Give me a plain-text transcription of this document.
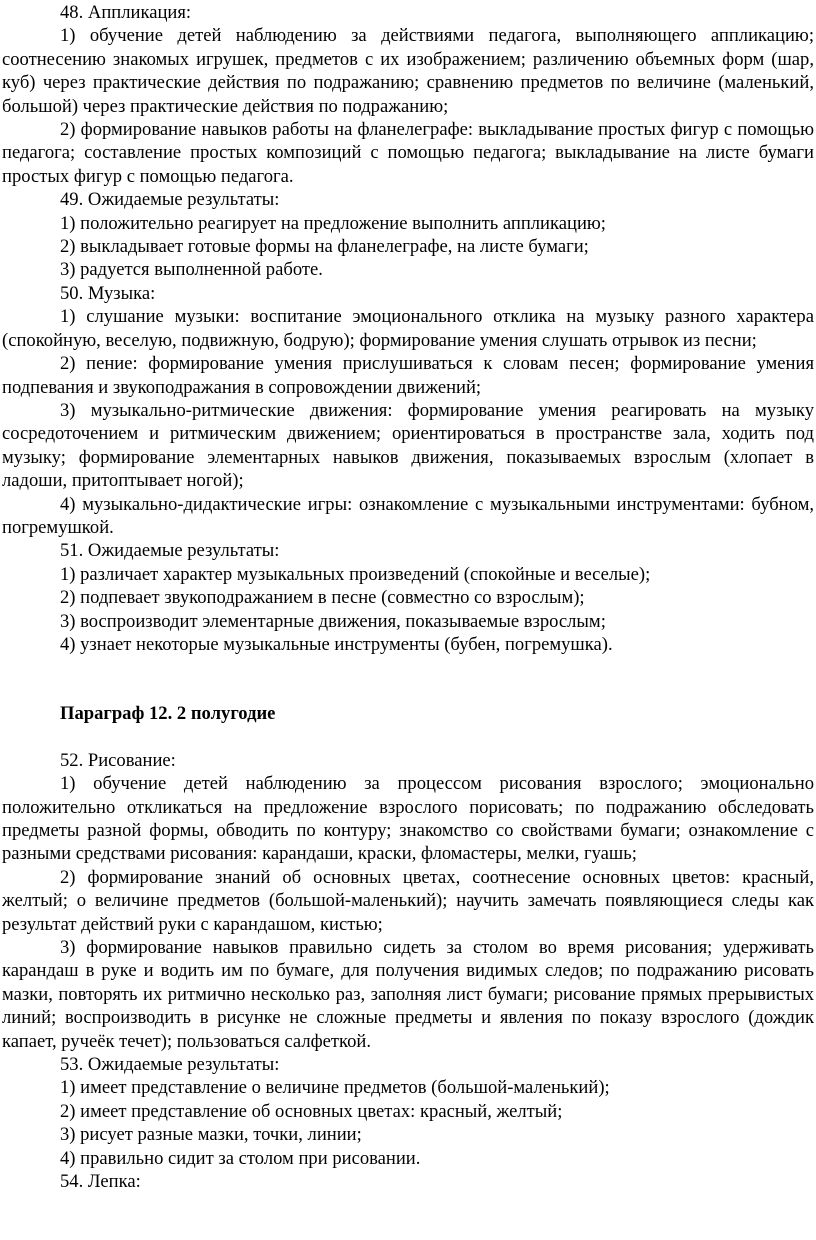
48. Аппликация:

1) обучение детей наблюдению за действиями педагога, выполняющего аппликацию; соотнесению знакомых игрушек, предметов с их изображением; различению объемных форм (шар, куб) через практические действия по подражанию; сравнению предметов по величине (маленький, большой) через практические действия по подражанию;

2) формирование навыков работы на фланелеграфе: выкладывание простых фигур с помощью педагога; составление простых композиций с помощью педагога; выкладывание на листе бумаги простых фигур с помощью педагога.

49. Ожидаемые результаты:

1) положительно реагирует на предложение выполнить аппликацию;

2) выкладывает готовые формы на фланелеграфе, на листе бумаги;

3) радуется выполненной работе.

50. Музыка:

1) слушание музыки: воспитание эмоционального отклика на музыку разного характера (спокойную, веселую, подвижную, бодрую); формирование умения слушать отрывок из песни;

2) пение: формирование умения прислушиваться к словам песен; формирование умения подпевания и звукоподражания в сопровождении движений;

3) музыкально-ритмические движения: формирование умения реагировать на музыку сосредоточением и ритмическим движением; ориентироваться в пространстве зала, ходить под музыку; формирование элементарных навыков движения, показываемых взрослым (хлопает в ладоши, притоптывает ногой);

4) музыкально-дидактические игры: ознакомление с музыкальными инструментами: бубном, погремушкой.

51. Ожидаемые результаты:

1) различает характер музыкальных произведений (спокойные и веселые);

2) подпевает звукоподражанием в песне (совместно со взрослым);

3) воспроизводит элементарные движения, показываемые взрослым;

4) узнает некоторые музыкальные инструменты (бубен, погремушка).

Параграф 12. 2 полугодие

52. Рисование:

1) обучение детей наблюдению за процессом рисования взрослого; эмоционально положительно откликаться на предложение взрослого порисовать; по подражанию обследовать предметы разной формы, обводить по контуру; знакомство со свойствами бумаги; ознакомление с разными средствами рисования: карандаши, краски, фломастеры, мелки, гуашь;

2) формирование знаний об основных цветах, соотнесение основных цветов: красный, желтый; о величине предметов (большой-маленький); научить замечать появляющиеся следы как результат действий руки с карандашом, кистью;

3) формирование навыков правильно сидеть за столом во время рисования; удерживать карандаш в руке и водить им по бумаге, для получения видимых следов; по подражанию рисовать мазки, повторять их ритмично несколько раз, заполняя лист бумаги; рисование прямых прерывистых линий; воспроизводить в рисунке не сложные предметы и явления по показу взрослого (дождик капает, ручеёк течет); пользоваться салфеткой.

53. Ожидаемые результаты:

1) имеет представление о величине предметов (большой-маленький);

2) имеет представление об основных цветах: красный, желтый;

3) рисует разные мазки, точки, линии;

4) правильно сидит за столом при рисовании.

54. Лепка:
